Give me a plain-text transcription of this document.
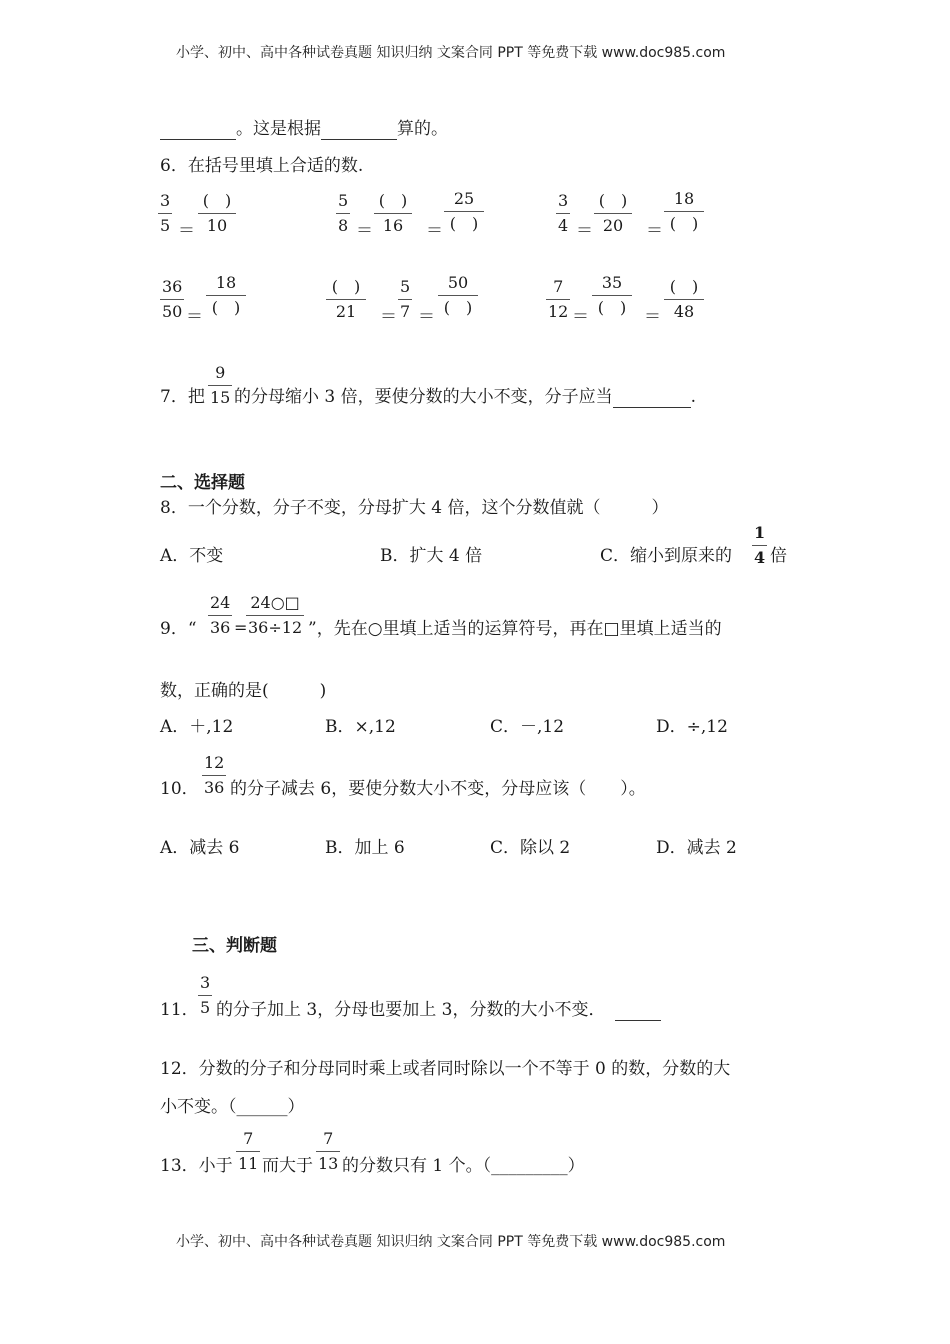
小学、初中、高中各种试卷真题 知识归纳 文案合同 PPT 等免费下载 www.doc985.com
。这是根据	算的。
6．在括号里填上合适的数.
3
5 ＝
(　)
10
5
8 ＝
(　)
16	＝
25
(　)
3
4 ＝
(　)
20	＝
18
(　)
36
50 ＝
18
(　)
(　)
21	＝
5
7 ＝
50
(　)
7
12 ＝
35
(　)	＝
(　)
48
7．把
9
15 的分母缩小 3 倍，要使分数的大小不变，分子应当	.
二、选择题
8．一个分数，分子不变，分母扩大 4 倍，这个分数值就（　　　）
A．不变	B．扩大 4 倍	C．缩小到原来的
1
4 倍
9．“
24
36 =
24○□
36÷12 ”，先在○里填上适当的运算符号，再在□里填上适当的
数，正确的是(　　　)
A．＋,12	B．×,12	C．－,12	D．÷,12
10．
12
36 的分子减去 6，要使分数大小不变，分母应该（　　）。
A．减去 6	B．加上 6	C．除以 2	D．减去 2
三、判断题
11．
3
5 的分子加上 3，分母也要加上 3，分数的大小不变．
12．分数的分子和分母同时乘上或者同时除以一个不等于 0 的数，分数的大
小不变。（______）
13．小于
7
11 而大于
7
13 的分数只有 1 个。（_________）
小学、初中、高中各种试卷真题 知识归纳 文案合同 PPT 等免费下载 www.doc985.com
